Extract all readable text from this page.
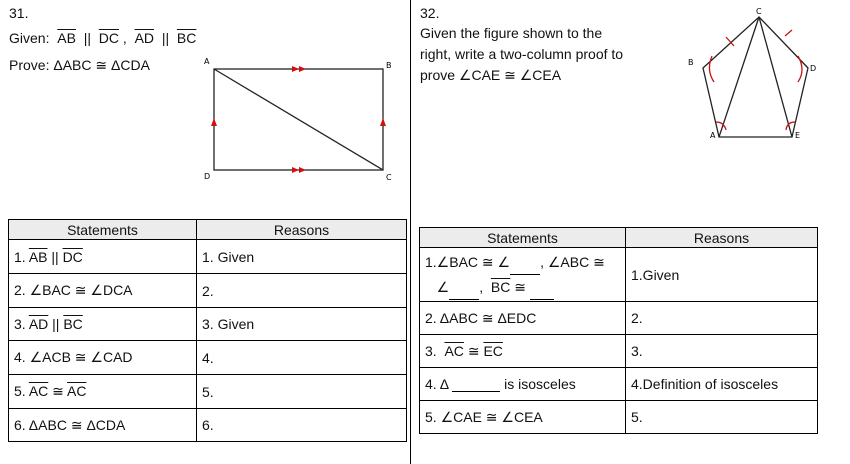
31.
Given: $\overline{AB}$ || $\overline{DC}$ , $\overline{AD}$ || $\overline{BC}$
Prove: ΔABC ≅ ΔCDA	A	B
C
D
Statements	Reasons
1. $\overline{AB}$ || $\overline{DC}$	1. Given
2. ∠BAC ≅ ∠DCA	2.
3. $\overline{AD}$ || $\overline{BC}$	3. Given
4. ∠ACB ≅ ∠CAD	4.
5. $\overline{AC}$ ≅ $\overline{AC}$	5.
6. ΔABC ≅ ΔCDA	6.
32.
Given the figure shown to the
right, write a two-column proof to
prove ∠CAE ≅ ∠CEA
C
D
E
A
B
Statements	Reasons

1.∠BAC ≅ ∠ , ∠ABC ≅
∠ , $\overline{BC}$ ≅	1.Given
2. ΔABC ≅ ΔEDC	2.
3. $\overline{AC}$ ≅ $\overline{EC}$	3.
4. Δ is isosceles	4.Definition of isosceles
5. ∠CAE ≅ ∠CEA	5.
